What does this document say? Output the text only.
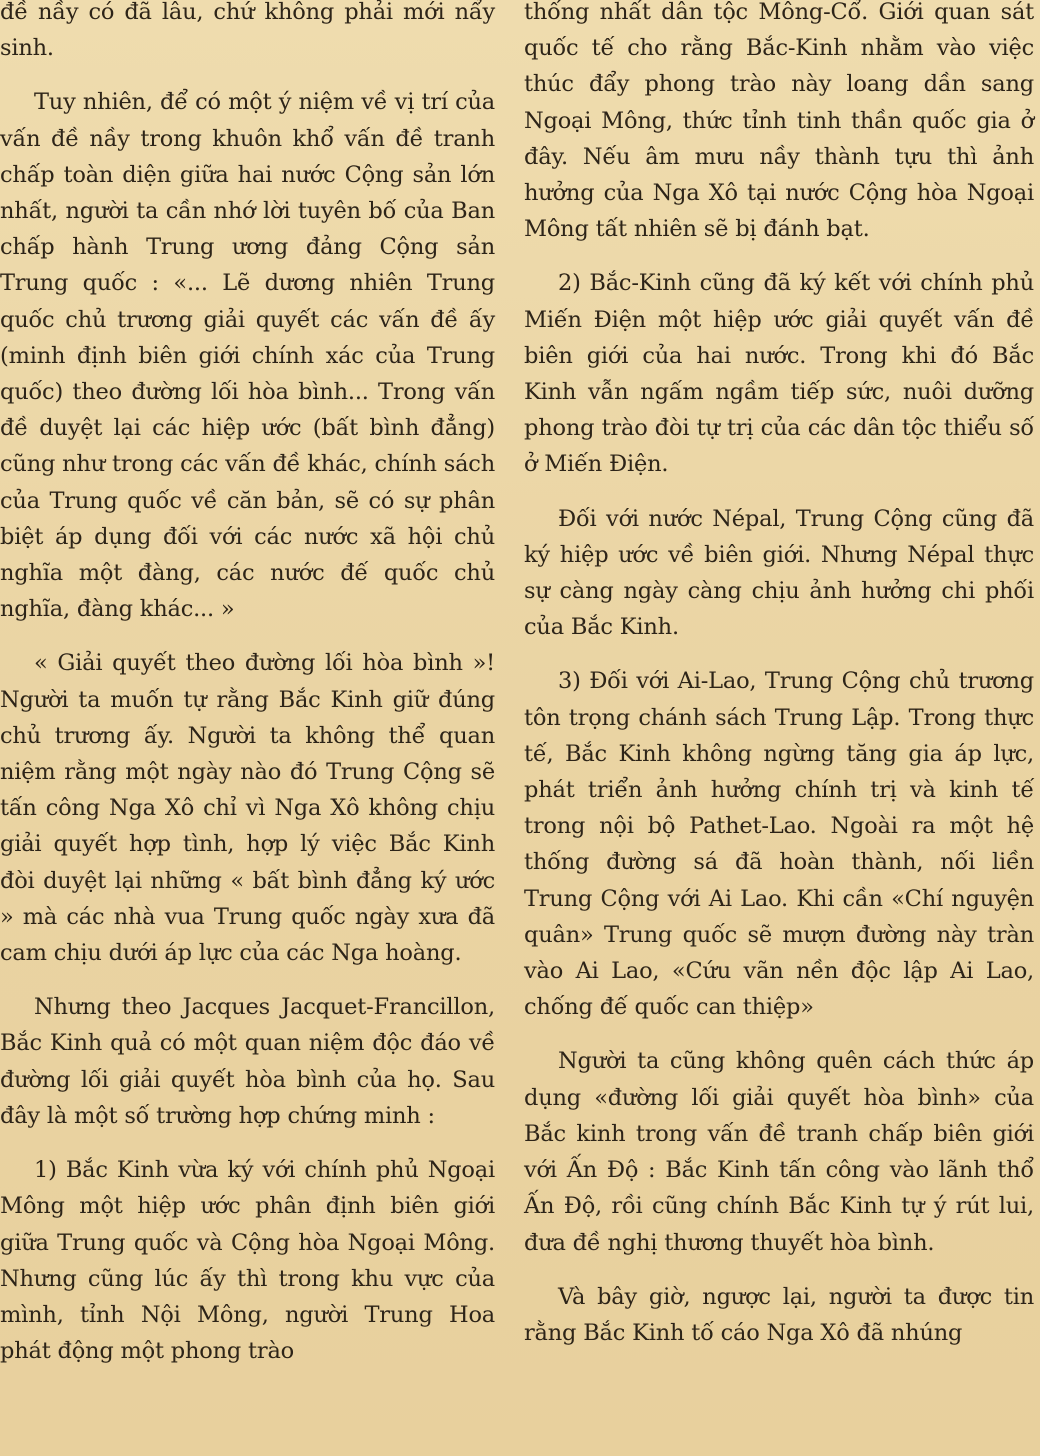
đề nầy có đã lâu, chứ không phải mới nẩy sinh.

Tuy nhiên, để có một ý niệm về vị trí của vấn đề nầy trong khuôn khổ vấn đề tranh chấp toàn diện giữa hai nước Cộng sản lớn nhất, người ta cần nhớ lời tuyên bố của Ban chấp hành Trung ương đảng Cộng sản Trung quốc : «... Lẽ dương nhiên Trung quốc chủ trương giải quyết các vấn đề ấy (minh định biên giới chính xác của Trung quốc) theo đường lối hòa bình... Trong vấn đề duyệt lại các hiệp ước (bất bình đẳng) cũng như trong các vấn đề khác, chính sách của Trung quốc về căn bản, sẽ có sự phân biệt áp dụng đối với các nước xã hội chủ nghĩa một đàng, các nước đế quốc chủ nghĩa, đàng khác... »

« Giải quyết theo đường lối hòa bình »! Người ta muốn tự rằng Bắc Kinh giữ đúng chủ trương ấy. Người ta không thể quan niệm rằng một ngày nào đó Trung Cộng sẽ tấn công Nga Xô chỉ vì Nga Xô không chịu giải quyết hợp tình, hợp lý việc Bắc Kinh đòi duyệt lại những « bất bình đẳng ký ước » mà các nhà vua Trung quốc ngày xưa đã cam chịu dưới áp lực của các Nga hoàng.

Nhưng theo Jacques Jacquet-Francillon, Bắc Kinh quả có một quan niệm độc đáo về đường lối giải quyết hòa bình của họ. Sau đây là một số trường hợp chứng minh :

1) Bắc Kinh vừa ký với chính phủ Ngoại Mông một hiệp ước phân định biên giới giữa Trung quốc và Cộng hòa Ngoại Mông. Nhưng cũng lúc ấy thì trong khu vực của mình, tỉnh Nội Mông, người Trung Hoa phát động một phong trào

thống nhất dân tộc Mông-Cổ. Giới quan sát quốc tế cho rằng Bắc-Kinh nhằm vào việc thúc đẩy phong trào này loang dần sang Ngoại Mông, thức tỉnh tinh thần quốc gia ở đây. Nếu âm mưu nầy thành tựu thì ảnh hưởng của Nga Xô tại nước Cộng hòa Ngoại Mông tất nhiên sẽ bị đánh bạt.

2) Bắc-Kinh cũng đã ký kết với chính phủ Miến Điện một hiệp ước giải quyết vấn đề biên giới của hai nước. Trong khi đó Bắc Kinh vẫn ngấm ngầm tiếp sức, nuôi dưỡng phong trào đòi tự trị của các dân tộc thiểu số ở Miến Điện.

Đối với nước Népal, Trung Cộng cũng đã ký hiệp ước về biên giới. Nhưng Népal thực sự càng ngày càng chịu ảnh hưởng chi phối của Bắc Kinh.

3) Đối với Ai-Lao, Trung Cộng chủ trương tôn trọng chánh sách Trung Lập. Trong thực tế, Bắc Kinh không ngừng tăng gia áp lực, phát triển ảnh hưởng chính trị và kinh tế trong nội bộ Pathet-Lao. Ngoài ra một hệ thống đường sá đã hoàn thành, nối liền Trung Cộng với Ai Lao. Khi cần «Chí nguyện quân» Trung quốc sẽ mượn đường này tràn vào Ai Lao, «Cứu vãn nền độc lập Ai Lao, chống đế quốc can thiệp»

Người ta cũng không quên cách thức áp dụng «đường lối giải quyết hòa bình» của Bắc kinh trong vấn đề tranh chấp biên giới với Ấn Độ : Bắc Kinh tấn công vào lãnh thổ Ấn Độ, rồi cũng chính Bắc Kinh tự ý rút lui, đưa đề nghị thương thuyết hòa bình.

Và bây giờ, ngược lại, người ta được tin rằng Bắc Kinh tố cáo Nga Xô đã nhúng
